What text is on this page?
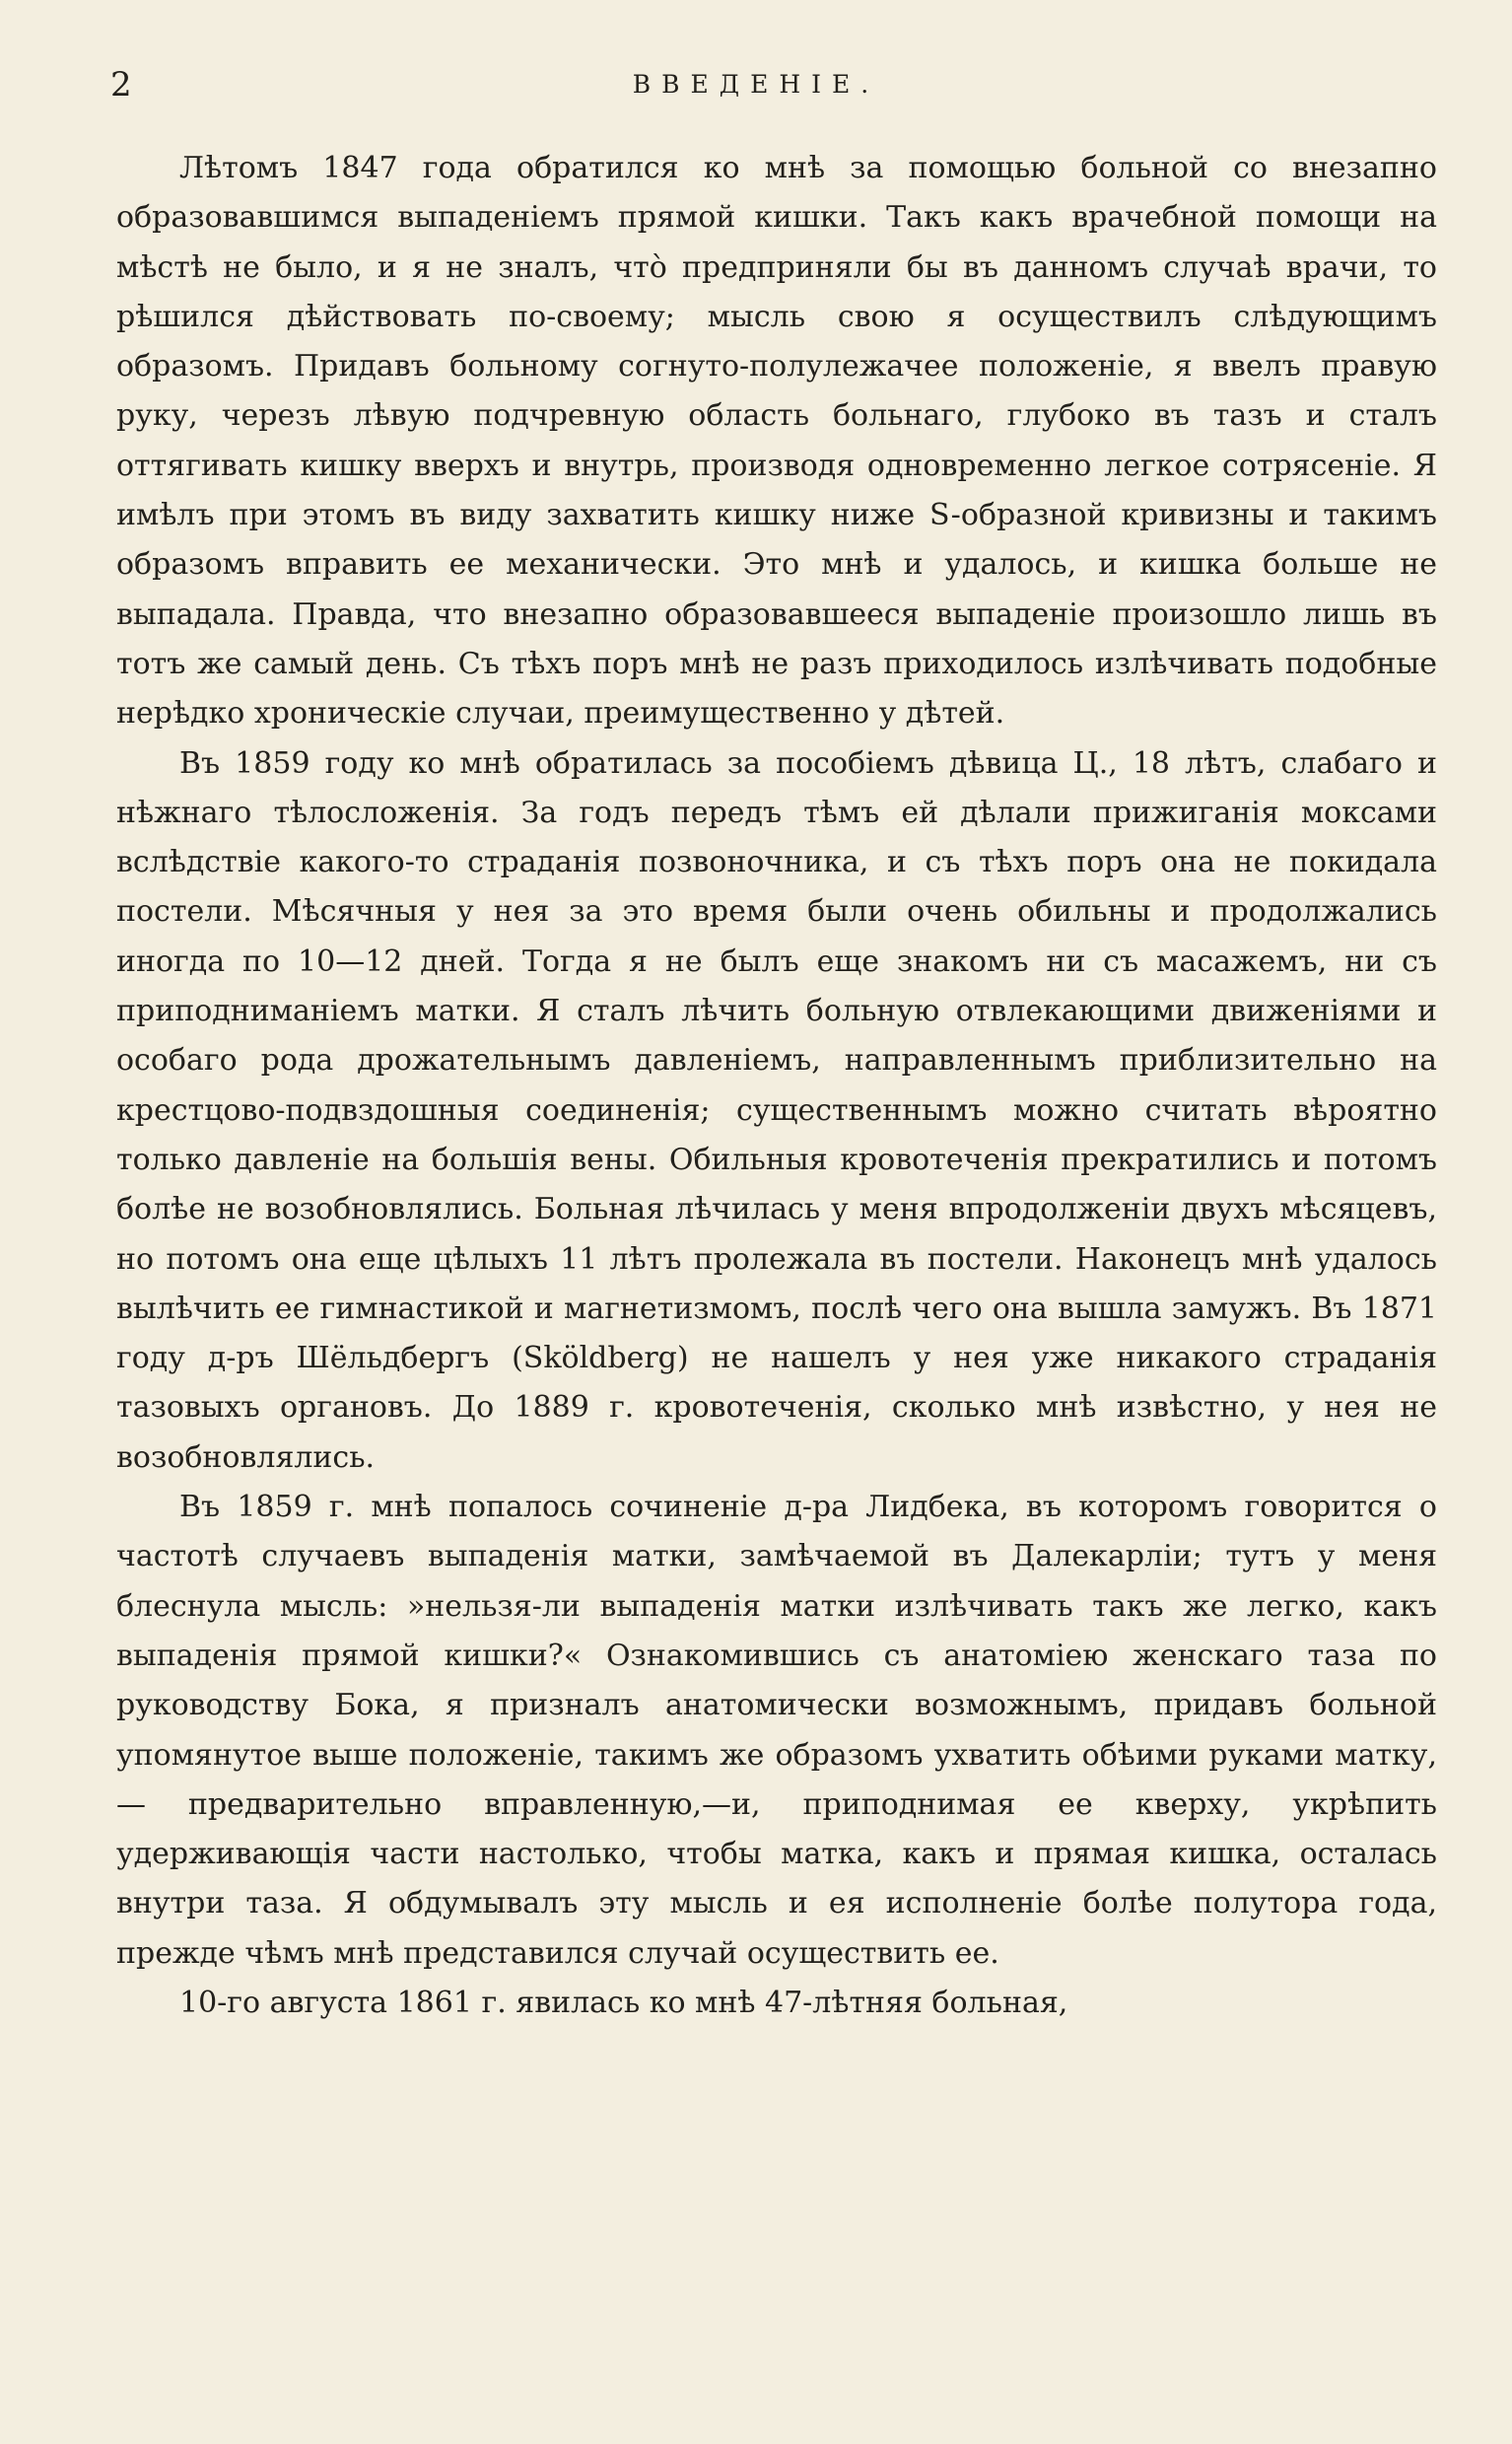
2	ВВЕДЕНІЕ.

Лѣтомъ 1847 года обратился ко мнѣ за помощью больной со внезапно образовавшимся выпаденіемъ прямой кишки. Такъ какъ врачебной помощи на мѣстѣ не было, и я не зналъ, что̀ предприняли бы въ данномъ случаѣ врачи, то рѣшился дѣйствовать по-своему; мысль свою я осуществилъ слѣдующимъ образомъ. Придавъ больному согнуто-полулежачее положеніе, я ввелъ правую руку, черезъ лѣвую подчревную область больнаго, глубоко въ тазъ и сталъ оттягивать кишку вверхъ и внутрь, производя одновременно легкое сотрясеніе. Я имѣлъ при этомъ въ виду захватить кишку ниже S-образной кривизны и такимъ образомъ вправить ее механически. Это мнѣ и удалось, и кишка больше не выпадала. Правда, что внезапно образовавшееся выпаденіе произошло лишь въ тотъ же самый день. Съ тѣхъ поръ мнѣ не разъ приходилось излѣчивать подобные нерѣдко хроническіе случаи, преимущественно у дѣтей.

Въ 1859 году ко мнѣ обратилась за пособіемъ дѣвица Ц., 18 лѣтъ, слабаго и нѣжнаго тѣлосложенія. За годъ передъ тѣмъ ей дѣлали прижиганія моксами вслѣдствіе какого-то страданія позвоночника, и съ тѣхъ поръ она не покидала постели. Мѣсячныя у нея за это время были очень обильны и продолжались иногда по 10—12 дней. Тогда я не былъ еще знакомъ ни съ масажемъ, ни съ приподниманіемъ матки. Я сталъ лѣчить больную отвлекающими движеніями и особаго рода дрожательнымъ давленіемъ, направленнымъ приблизительно на крестцово-подвздошныя соединенія; существеннымъ можно считать вѣроятно только давленіе на большія вены. Обильныя кровотеченія прекратились и потомъ болѣе не возобновлялись. Больная лѣчилась у меня впродолженіи двухъ мѣсяцевъ, но потомъ она еще цѣлыхъ 11 лѣтъ пролежала въ постели. Наконецъ мнѣ удалось вылѣчить ее гимнастикой и магнетизмомъ, послѣ чего она вышла замужъ. Въ 1871 году д-ръ Шёльдбергъ (Sköldberg) не нашелъ у нея уже никакого страданія тазовыхъ органовъ. До 1889 г. кровотеченія, сколько мнѣ извѣстно, у нея не возобновлялись.

Въ 1859 г. мнѣ попалось сочиненіе д-ра Лидбека, въ которомъ говорится о частотѣ случаевъ выпаденія матки, замѣчаемой въ Далекарліи; тутъ у меня блеснула мысль: »нельзя-ли выпаденія матки излѣчивать такъ же легко, какъ выпаденія прямой кишки?« Ознакомившись съ анатоміею женскаго таза по руководству Бока, я призналъ анатомически возможнымъ, придавъ больной упомянутое выше положеніе, такимъ же образомъ ухватить обѣими руками матку, — предварительно вправленную,—и, приподнимая ее кверху, укрѣпить удерживающія части настолько, чтобы матка, какъ и прямая кишка, осталась внутри таза. Я обдумывалъ эту мысль и ея исполненіе болѣе полутора года, прежде чѣмъ мнѣ представился случай осуществить ее.

10-го августа 1861 г. явилась ко мнѣ 47-лѣтняя больная,
